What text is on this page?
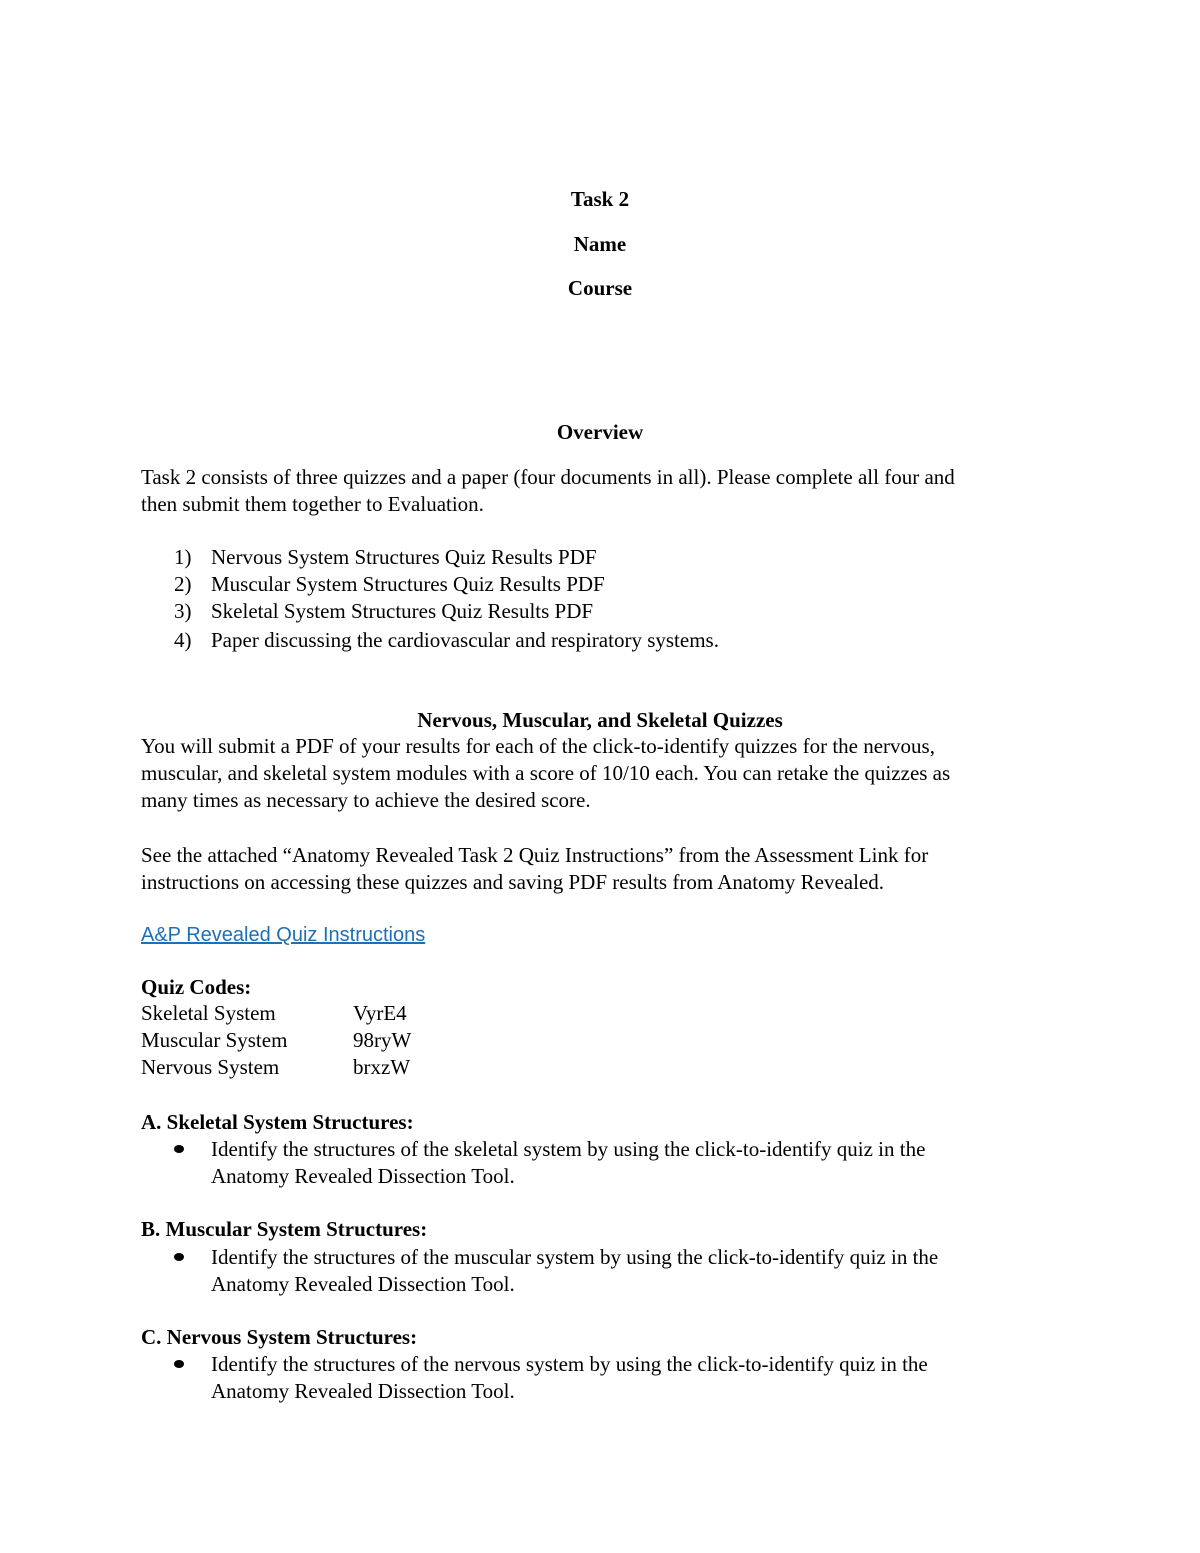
Task 2
Name
Course
Overview
Task 2 consists of three quizzes and a paper (four documents in all). Please complete all four and
then submit them together to Evaluation.
1) Nervous System Structures Quiz Results PDF
2) Muscular System Structures Quiz Results PDF
3) Skeletal System Structures Quiz Results PDF
4) Paper discussing the cardiovascular and respiratory systems.
Nervous, Muscular, and Skeletal Quizzes
You will submit a PDF of your results for each of the click-to-identify quizzes for the nervous,
muscular, and skeletal system modules with a score of 10/10 each. You can retake the quizzes as
many times as necessary to achieve the desired score.
See the attached “Anatomy Revealed Task 2 Quiz Instructions” from the Assessment Link for
instructions on accessing these quizzes and saving PDF results from Anatomy Revealed.
A&P Revealed Quiz Instructions
Quiz Codes:
Skeletal System	VyrE4
Muscular System	98ryW
Nervous System	brxzW
A. Skeletal System Structures:
Identify the structures of the skeletal system by using the click-to-identify quiz in the
Anatomy Revealed Dissection Tool.
B. Muscular System Structures:
Identify the structures of the muscular system by using the click-to-identify quiz in the
Anatomy Revealed Dissection Tool.
C. Nervous System Structures:
Identify the structures of the nervous system by using the click-to-identify quiz in the
Anatomy Revealed Dissection Tool.
